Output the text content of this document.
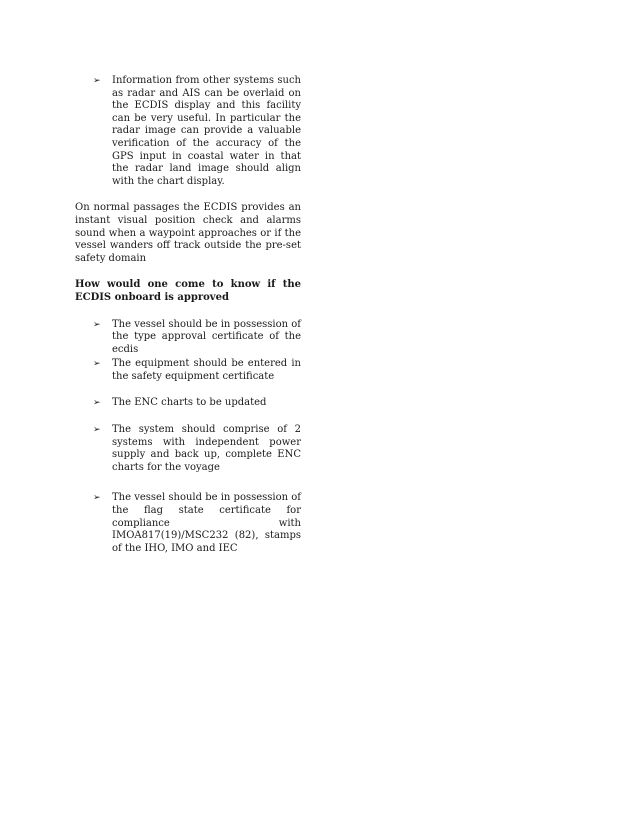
➢ Information from other systems such as radar and AIS can be overlaid on the ECDIS display and this facility can be very useful. In particular the radar image can provide a valuable verification of the accuracy of the GPS input in coastal water in that the radar land image should align with the chart display.
On normal passages the ECDIS provides an instant visual position check and alarms sound when a waypoint approaches or if the vessel wanders off track outside the pre-set safety domain
How would one come to know if the ECDIS onboard is approved
➢ The vessel should be in possession of the type approval certificate of the ecdis
➢ The equipment should be entered in the safety equipment certificate
➢ The ENC charts to be updated
➢ The system should comprise of 2 systems with independent power supply and back up, complete ENC charts for the voyage
➢ The vessel should be in possession of the flag state certificate for compliance with IMOA817(19)/MSC232 (82), stamps of the IHO, IMO and IEC
